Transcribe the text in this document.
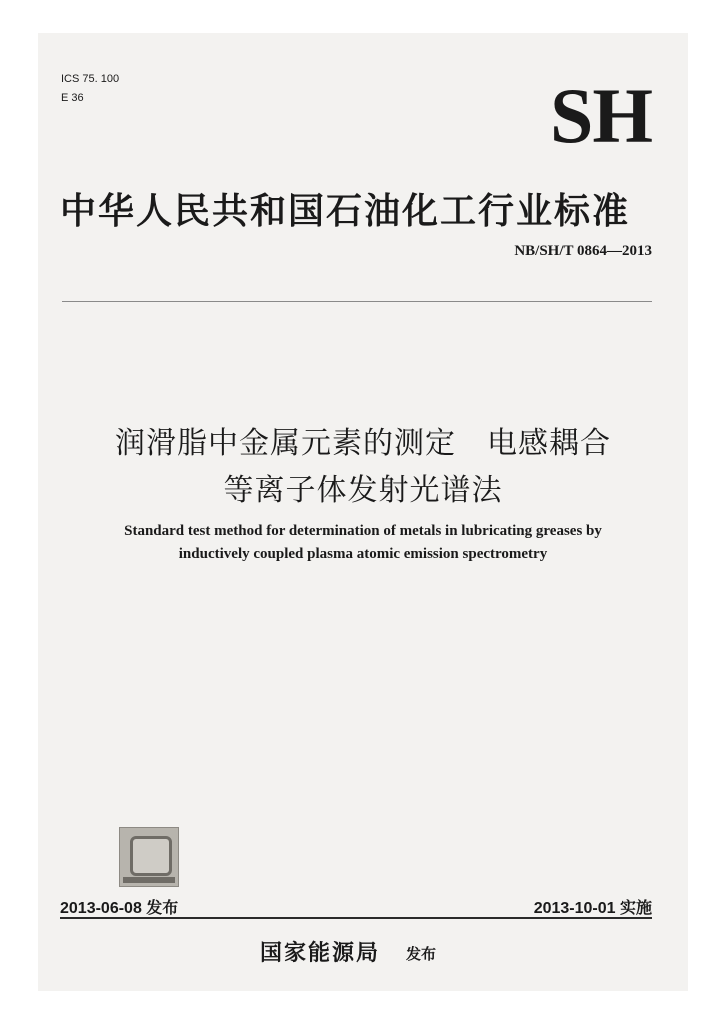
ICS 75. 100
E 36	SH
中华人民共和国石油化工行业标准
NB/SH/T 0864—2013
润滑脂中金属元素的测定　电感耦合
等离子体发射光谱法
Standard test method for determination of metals in lubricating greases by
inductively coupled plasma atomic emission spectrometry
2013-06-08 发布	2013-10-01 实施
国家能源局 发布
